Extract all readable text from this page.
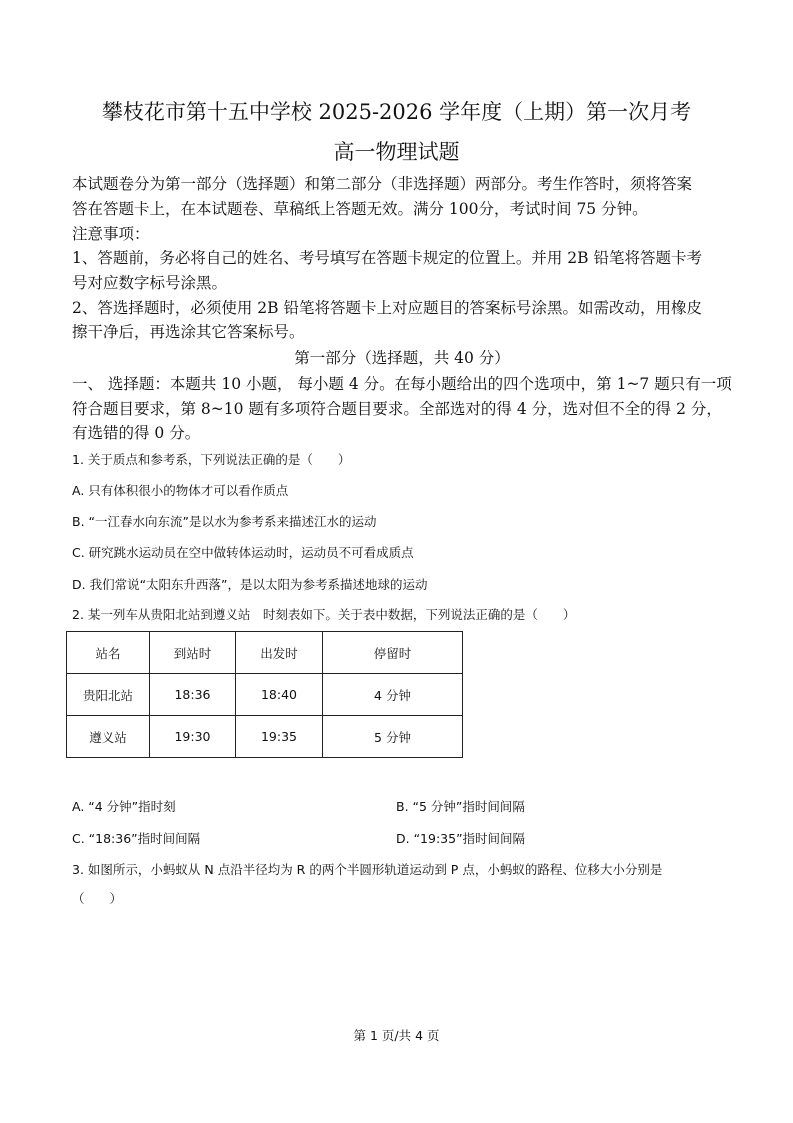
攀枝花市第十五中学校 2025-2026 学年度（上期）第一次月考
高一物理试题
本试题卷分为第一部分（选择题）和第二部分（非选择题）两部分。考生作答时，须将答案
答在答题卡上，在本试题卷、草稿纸上答题无效。满分 100分，考试时间 75 分钟。
注意事项：
1、答题前，务必将自己的姓名、考号填写在答题卡规定的位置上。并用 2B 铅笔将答题卡考
号对应数字标号涂黑。
2、答选择题时，必须使用 2B 铅笔将答题卡上对应题目的答案标号涂黑。如需改动，用橡皮
擦干净后，再选涂其它答案标号。
第一部分（选择题，共 40 分）
一、 选择题：本题共 10 小题， 每小题 4 分。在每小题给出的四个选项中，第 1~7 题只有一项
符合题目要求，第 8~10 题有多项符合题目要求。全部选对的得 4 分，选对但不全的得 2 分，
有选错的得 0 分。
1. 关于质点和参考系，下列说法正确的是（　　）
A. 只有体积很小的物体才可以看作质点
B. “一江春水向东流”是以水为参考系来描述江水的运动
C. 研究跳水运动员在空中做转体运动时，运动员不可看成质点
D. 我们常说“太阳东升西落”，是以太阳为参考系描述地球的运动
2. 某一列车从贵阳北站到遵义站　时刻表如下。关于表中数据，下列说法正确的是（　　）
站名	到站时	出发时	停留时
贵阳北站	18:36	18:40	4 分钟
遵义站	19:30	19:35	5 分钟
A. “4 分钟”指时刻	B. “5 分钟”指时间间隔
C. “18:36”指时间间隔	D. “19:35”指时间间隔
3. 如图所示，小蚂蚁从 N 点沿半径均为 R 的两个半圆形轨道运动到 P 点，小蚂蚁的路程、位移大小分别是
（　　）
第 1 页/共 4 页
